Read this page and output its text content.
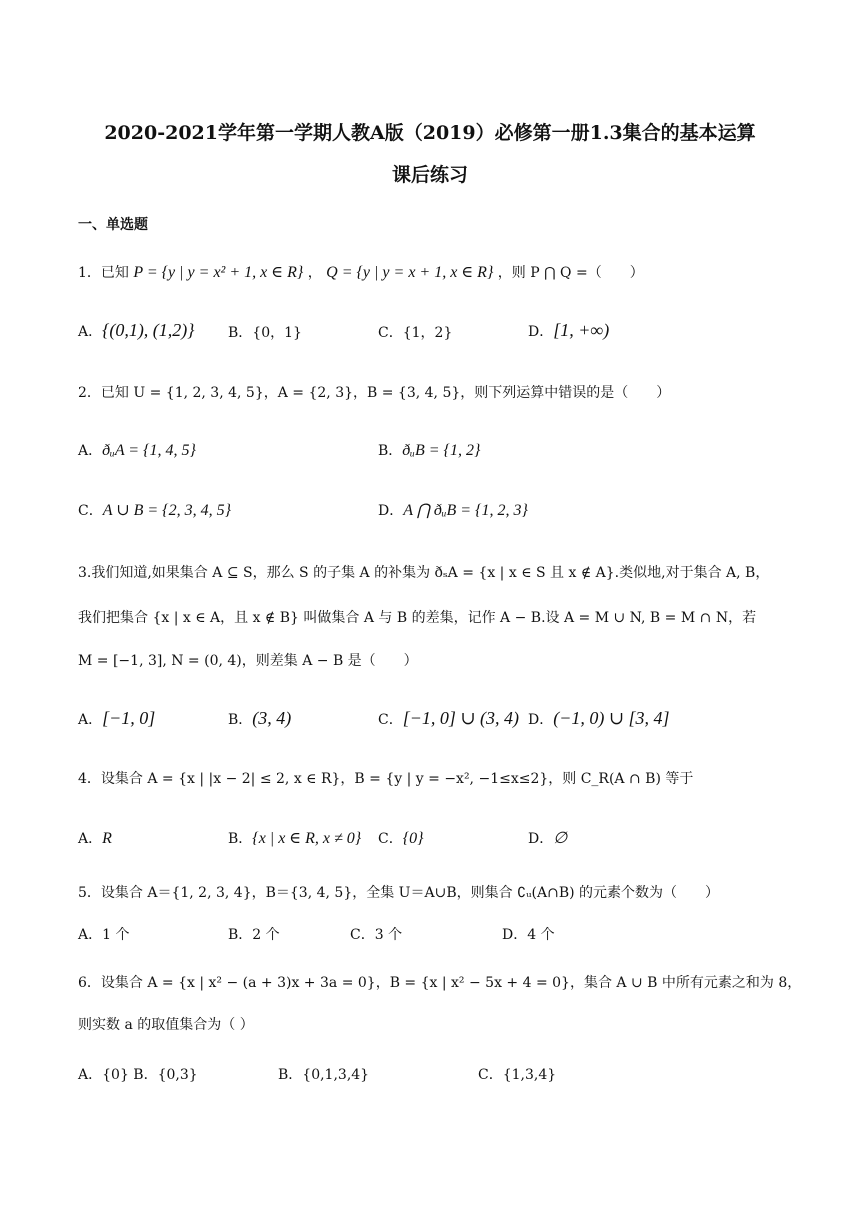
2020-2021学年第一学期人教A版（2019）必修第一册1.3集合的基本运算
课后练习
一、单选题
1．已知 P = {y | y = x² + 1, x ∈ R} ， Q = {y | y = x + 1, x ∈ R} ，则 P ⋂ Q =（　　）
A．{(0,1), (1,2)} B．{0，1}	C．{1，2}	D．[1, +∞)
2．已知 U = {1, 2, 3, 4, 5}，A = {2, 3}，B = {3, 4, 5}，则下列运算中错误的是（　　）
A．ðᵤA = {1, 4, 5}	B．ðᵤB = {1, 2}
C．A ∪ B = {2, 3, 4, 5}	D．A ⋂ ðᵤB = {1, 2, 3}
3.我们知道,如果集合 A ⊆ S，那么 S 的子集 A 的补集为 ðₛA = {x | x ∈ S 且 x ∉ A}.类似地,对于集合 A, B，
我们把集合 {x | x ∈ A，且 x ∉ B} 叫做集合 A 与 B 的差集，记作 A − B.设 A = M ∪ N, B = M ∩ N，若
M = [−1, 3], N = (0, 4)，则差集 A − B 是（　　）
A．[−1, 0]	B．(3, 4)	C．[−1, 0] ∪ (3, 4) D．(−1, 0) ∪ [3, 4]
4．设集合 A = {x | |x − 2| ≤ 2, x ∈ R}，B = {y | y = −x², −1≤x≤2}，则 C_R(A ∩ B) 等于
A．R	B．{x | x ∈ R, x ≠ 0} C．{0}	D．∅
5．设集合 A＝{1, 2, 3, 4}，B＝{3, 4, 5}，全集 U＝A∪B，则集合 ∁ᵤ(A∩B) 的元素个数为（　　）
A．1 个	B．2 个	C．3 个	D．4 个
6．设集合 A = {x | x² − (a + 3)x + 3a = 0}，B = {x | x² − 5x + 4 = 0}，集合 A ∪ B 中所有元素之和为 8，
则实数 a 的取值集合为（ ）
A．{0} B．{0,3}	B．{0,1,3,4}	C．{1,3,4}
